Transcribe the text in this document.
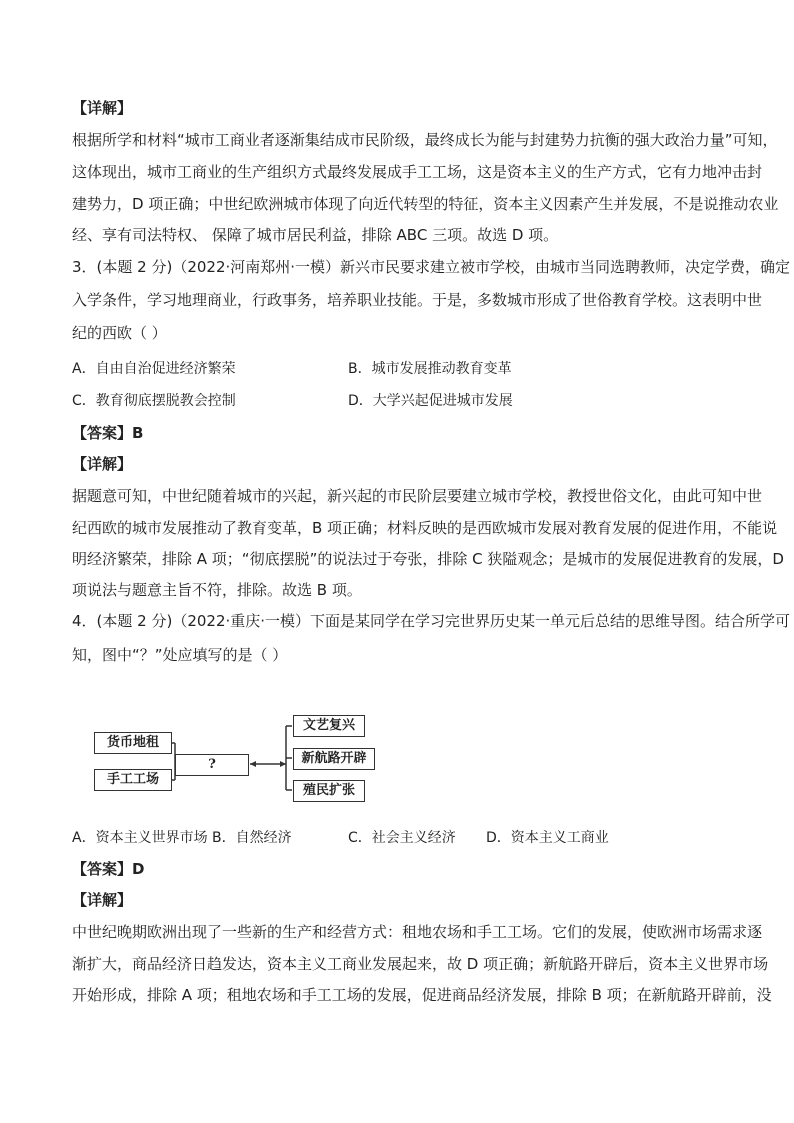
【详解】
根据所学和材料“城市工商业者逐渐集结成市民阶级，最终成长为能与封建势力抗衡的强大政治力量”可知，
这体现出，城市工商业的生产组织方式最终发展成手工工场，这是资本主义的生产方式，它有力地冲击封
建势力，D 项正确；中世纪欧洲城市体现了向近代转型的特征，资本主义因素产生并发展，不是说推动农业
经、享有司法特权、 保障了城市居民利益，排除 ABC 三项。故选 D 项。
3．(本题 2 分)（2022·河南郑州·一模）新兴市民要求建立被市学校，由城市当同选聘教师，决定学费，确定
入学条件，学习地理商业，行政事务，培养职业技能。于是，多数城市形成了世俗教育学校。这表明中世
纪的西欧（ ）
A．自由自治促进经济繁荣	B．城市发展推动教育变革
C．教育彻底摆脱教会控制	D．大学兴起促进城市发展
【答案】B
【详解】
据题意可知，中世纪随着城市的兴起，新兴起的市民阶层要建立城市学校，教授世俗文化，由此可知中世
纪西欧的城市发展推动了教育变革，B 项正确；材料反映的是西欧城市发展对教育发展的促进作用，不能说
明经济繁荣，排除 A 项；“彻底摆脱”的说法过于夸张，排除 C 狭隘观念；是城市的发展促进教育的发展，D
项说法与题意主旨不符，排除。故选 B 项。
4．(本题 2 分)（2022·重庆·一模）下面是某同学在学习完世界历史某一单元后总结的思维导图。结合所学可
知，图中“？”处应填写的是（ ）
货币地租
手工工场
?
文艺复兴
新航路开辟
殖民扩张
A．资本主义世界市场 B．自然经济	C．社会主义经济 D．资本主义工商业
【答案】D
【详解】
中世纪晚期欧洲出现了一些新的生产和经营方式：租地农场和手工工场。它们的发展，使欧洲市场需求逐
渐扩大，商品经济日趋发达，资本主义工商业发展起来，故 D 项正确；新航路开辟后，资本主义世界市场
开始形成，排除 A 项；租地农场和手工工场的发展，促进商品经济发展，排除 B 项；在新航路开辟前，没
